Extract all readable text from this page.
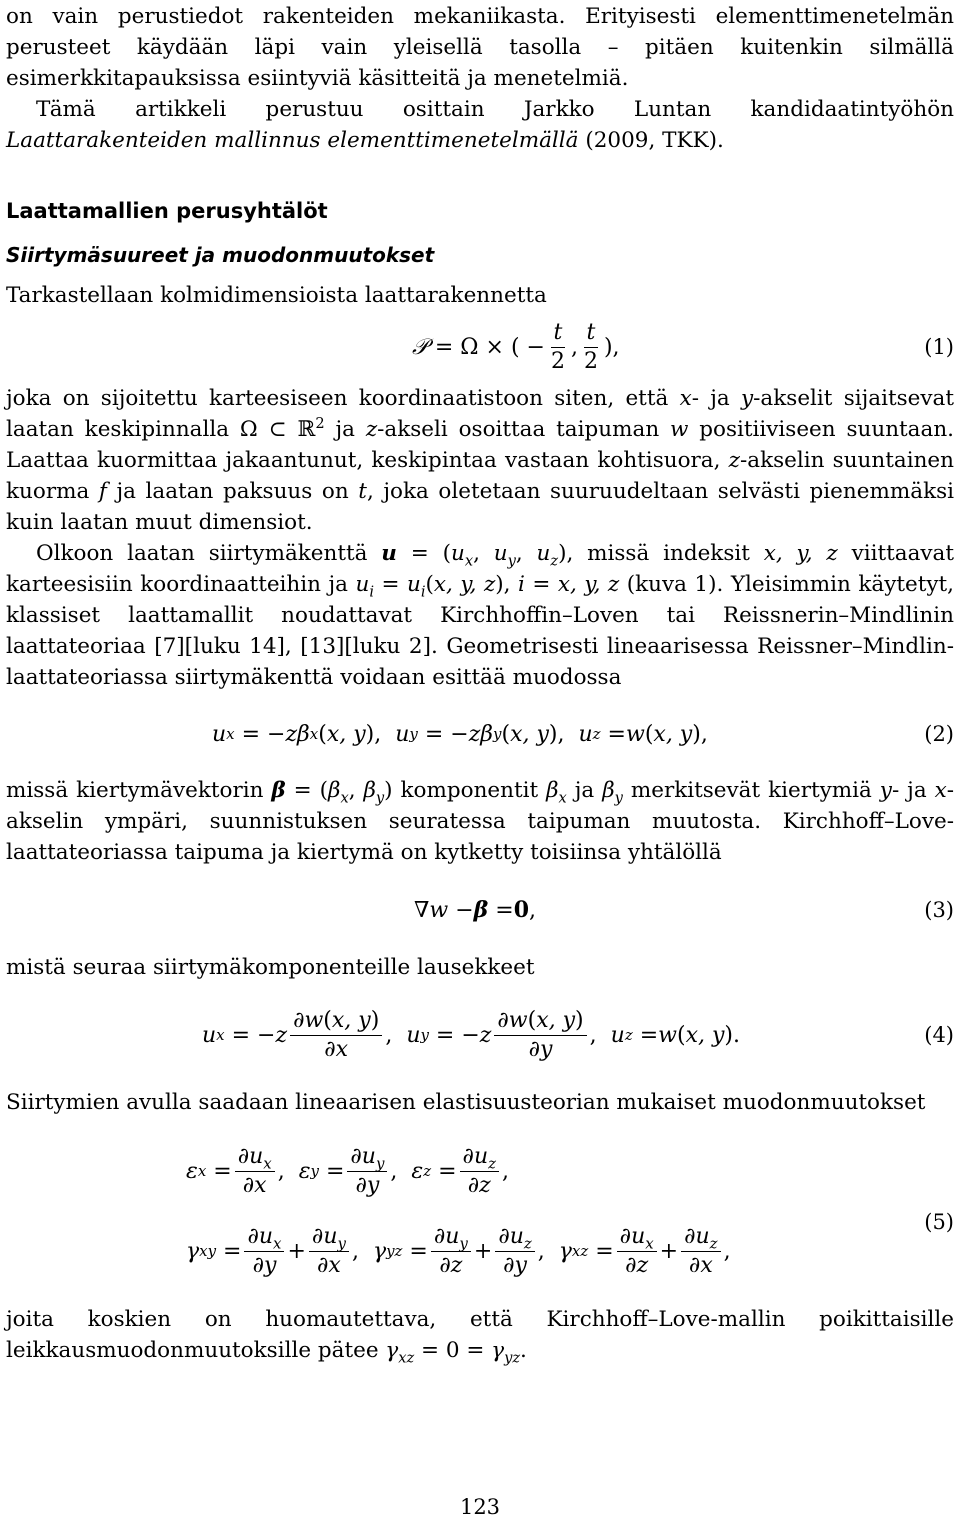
on vain perustiedot rakenteiden mekaniikasta. Erityisesti elementtimenetelmän perusteet käydään läpi vain yleisellä tasolla – pitäen kuitenkin silmällä esimerkkitapauksissa esiintyviä käsitteitä ja menetelmiä.

Tämä artikkeli perustuu osittain Jarkko Luntan kandidaatintyöhön Laattarakenteiden mallinnus elementtimenetelmällä (2009, TKK).

Laattamallien perusyhtälöt
Siirtymäsuureet ja muodonmuutokset

Tarkastellaan kolmidimensioista laattarakennetta

𝒫 = Ω × ( − $\frac{t}{2}$ , $\frac{t}{2}$ ),	(1)

joka on sijoitettu karteesiseen koordinaatistoon siten, että x- ja y-akselit sijaitsevat laatan keskipinnalla Ω ⊂ ℝ$^2$ ja z-akseli osoittaa taipuman w positiiviseen suuntaan. Laattaa kuormittaa jakaantunut, keskipintaa vastaan kohtisuora, z-akselin suuntainen kuorma f ja laatan paksuus on t, joka oletetaan suuruudeltaan selvästi pienemmäksi kuin laatan muut dimensiot.

Olkoon laatan siirtymäkenttä $u = (u_x$, $u_y$, $u_z$), missä indeksit x, y, z viittaavat karteesisiin koordinaatteihin ja $u_i = u_i(x$, y, z), i = x, y, z (kuva 1). Yleisimmin käytetyt, klassiset laattamallit noudattavat Kirchhoffin–Loven tai Reissnerin–Mindlinin laattateoriaa [7][luku 14], [13][luku 2]. Geometrisesti lineaarisessa Reissner–Mindlin-laattateoriassa siirtymäkenttä voidaan esittää muodossa

u x = − zβ x ( x, y ), u y = − zβ y ( x, y ), u z = w ( x, y ),	(2)

missä kiertymävektorin $\beta = (\beta_x$, $\beta_y$) komponentit $\beta_x$ ja $\beta_y$ merkitsevät kiertymiä y- ja x-akselin ympäri, suunnistuksen seuratessa taipuman muutosta. Kirchhoff–Love-laattateoriassa taipuma ja kiertymä on kytketty toisiinsa yhtälöllä

∇ w − β = 0 ,	(3)

mistä seuraa siirtymäkomponenteille lausekkeet

u x = − z $\frac{\partial w(x, y)}{\partial x}$ , u y = − z $\frac{\partial w(x, y)}{\partial y}$ , u z = w ( x, y ).	(4)

Siirtymien avulla saadaan lineaarisen elastisuusteorian mukaiset muodonmuutokset

ε $x = \frac{\partial u_x}{\partial x}$ , ε $y = \frac{\partial u_y}{\partial y}$ , ε $z = \frac{\partial u_z}{\partial z}$ ,
γ xy = $\frac{\partial u_x}{\partial y} + \frac{\partial u_y}{\partial x}$ , γ yz = $\frac{\partial u_y}{\partial z} + \frac{\partial u_z}{\partial y}$ , γ xz = $\frac{\partial u_x}{\partial z} + \frac{\partial u_z}{\partial x}$ ,
(5)

joita koskien on huomautettava, että Kirchhoff–Love-mallin poikittaisille leikkausmuodonmuutoksille pätee $\gamma_{xz} = 0 = \gamma_{yz}$.

123
